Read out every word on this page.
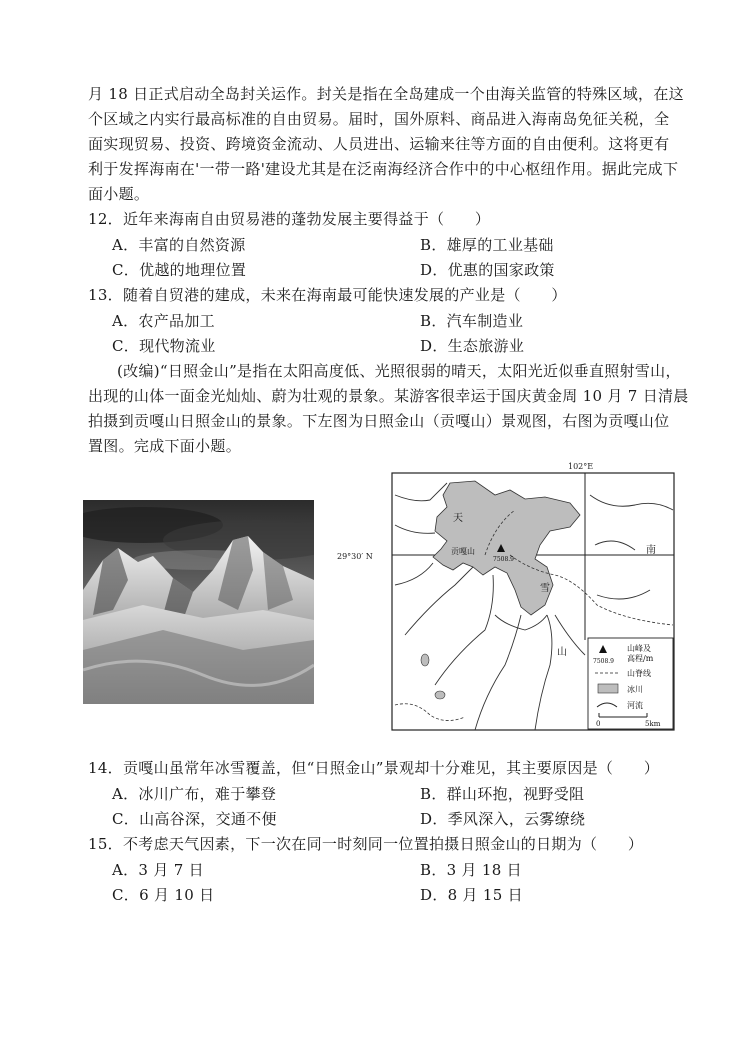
月 18 日正式启动全岛封关运作。封关是指在全岛建成一个由海关监管的特殊区域，在这
个区域之内实行最高标准的自由贸易。届时，国外原料、商品进入海南岛免征关税，全
面实现贸易、投资、跨境资金流动、人员进出、运输来往等方面的自由便利。这将更有
利于发挥海南在'一带一路'建设尤其是在泛南海经济合作中的中心枢纽作用。据此完成下
面小题。
12．近年来海南自由贸易港的蓬勃发展主要得益于（　　）
A．丰富的自然资源	B．雄厚的工业基础
C．优越的地理位置	D．优惠的国家政策
13．随着自贸港的建成，未来在海南最可能快速发展的产业是（　　）
A．农产品加工	B．汽车制造业
C．现代物流业	D．生态旅游业
(改编)“日照金山”是指在太阳高度低、光照很弱的晴天，太阳光近似垂直照射雪山，
出现的山体一面金光灿灿、蔚为壮观的景象。某游客很幸运于国庆黄金周 10 月 7 日清晨
拍摄到贡嘎山日照金山的景象。下左图为日照金山（贡嘎山）景观图，右图为贡嘎山位
置图。完成下面小题。
102°E
29°30′ N
贡嘎山
7508.9
天
雪
南
山	山峰及
高程/m
7508.9
山脊线
冰川
河流
0	5km
14．贡嘎山虽常年冰雪覆盖，但“日照金山”景观却十分难见，其主要原因是（　　）
A．冰川广布，难于攀登	B．群山环抱，视野受阻
C．山高谷深，交通不便	D．季风深入，云雾缭绕
15．不考虑天气因素，下一次在同一时刻同一位置拍摄日照金山的日期为（　　）
A．3 月 7 日	B．3 月 18 日
C．6 月 10 日	D．8 月 15 日
